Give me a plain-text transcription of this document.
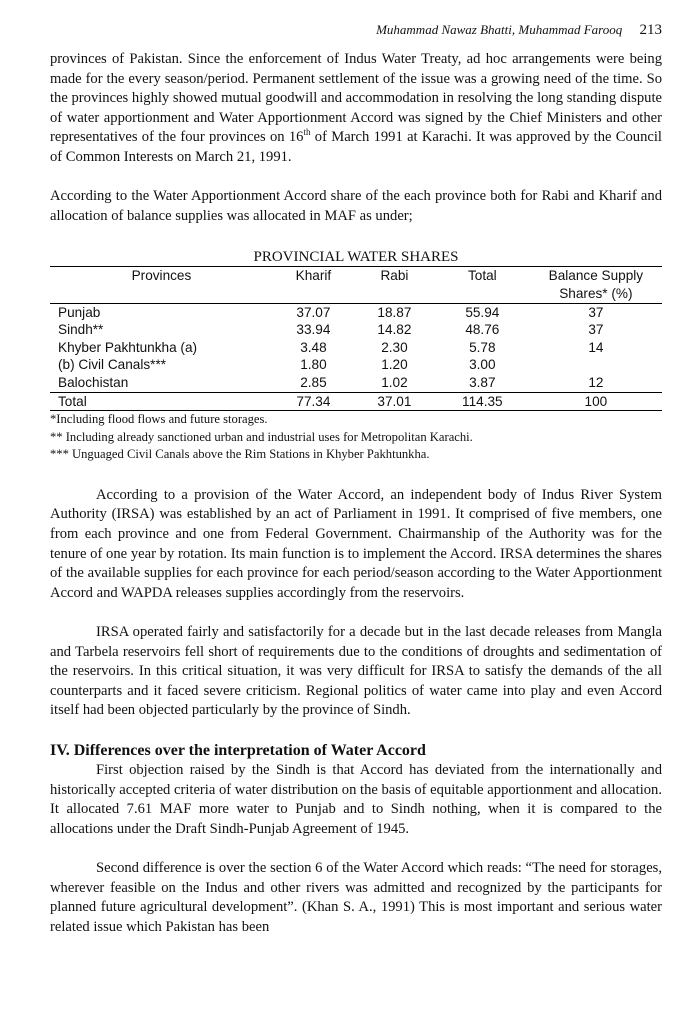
Muhammad Nawaz Bhatti, Muhammad Farooq 213

provinces of Pakistan. Since the enforcement of Indus Water Treaty, ad hoc arrangements were being made for the every season/period. Permanent settlement of the issue was a growing need of the time. So the provinces highly showed mutual goodwill and accommodation in resolving the long standing dispute of water apportionment and Water Apportionment Accord was signed by the Chief Ministers and other representatives of the four provinces on 16th of March 1991 at Karachi. It was approved by the Council of Common Interests on March 21, 1991.

According to the Water Apportionment Accord share of the each province both for Rabi and Kharif and allocation of balance supplies was allocated in MAF as under;

PROVINCIAL WATER SHARES
Provinces	Kharif	Rabi	Total	Balance Supply Shares* (%)
Punjab	37.07	18.87	55.94	37
Sindh**	33.94	14.82	48.76	37
Khyber Pakhtunkha (a)	3.48	2.30	5.78	14
(b) Civil Canals***	1.80	1.20	3.00	
Balochistan	2.85	1.02	3.87	12
Total	77.34	37.01	114.35	100
*Including flood flows and future storages.
** Including already sanctioned urban and industrial uses for Metropolitan Karachi.
*** Unguaged Civil Canals above the Rim Stations in Khyber Pakhtunkha.

According to a provision of the Water Accord, an independent body of Indus River System Authority (IRSA) was established by an act of Parliament in 1991. It comprised of five members, one from each province and one from Federal Government. Chairmanship of the Authority was for the tenure of one year by rotation. Its main function is to implement the Accord. IRSA determines the shares of the available supplies for each province for each period/season according to the Water Apportionment Accord and WAPDA releases supplies accordingly from the reservoirs.

IRSA operated fairly and satisfactorily for a decade but in the last decade releases from Mangla and Tarbela reservoirs fell short of requirements due to the conditions of droughts and sedimentation of the reservoirs. In this critical situation, it was very difficult for IRSA to satisfy the demands of the all counterparts and it faced severe criticism. Regional politics of water came into play and even Accord itself had been objected particularly by the province of Sindh.

IV. Differences over the interpretation of Water Accord

First objection raised by the Sindh is that Accord has deviated from the internationally and historically accepted criteria of water distribution on the basis of equitable apportionment and allocation. It allocated 7.61 MAF more water to Punjab and to Sindh nothing, when it is compared to the allocations under the Draft Sindh-Punjab Agreement of 1945.

Second difference is over the section 6 of the Water Accord which reads: “The need for storages, wherever feasible on the Indus and other rivers was admitted and recognized by the participants for planned future agricultural development”. (Khan S. A., 1991) This is most important and serious water related issue which Pakistan has been
